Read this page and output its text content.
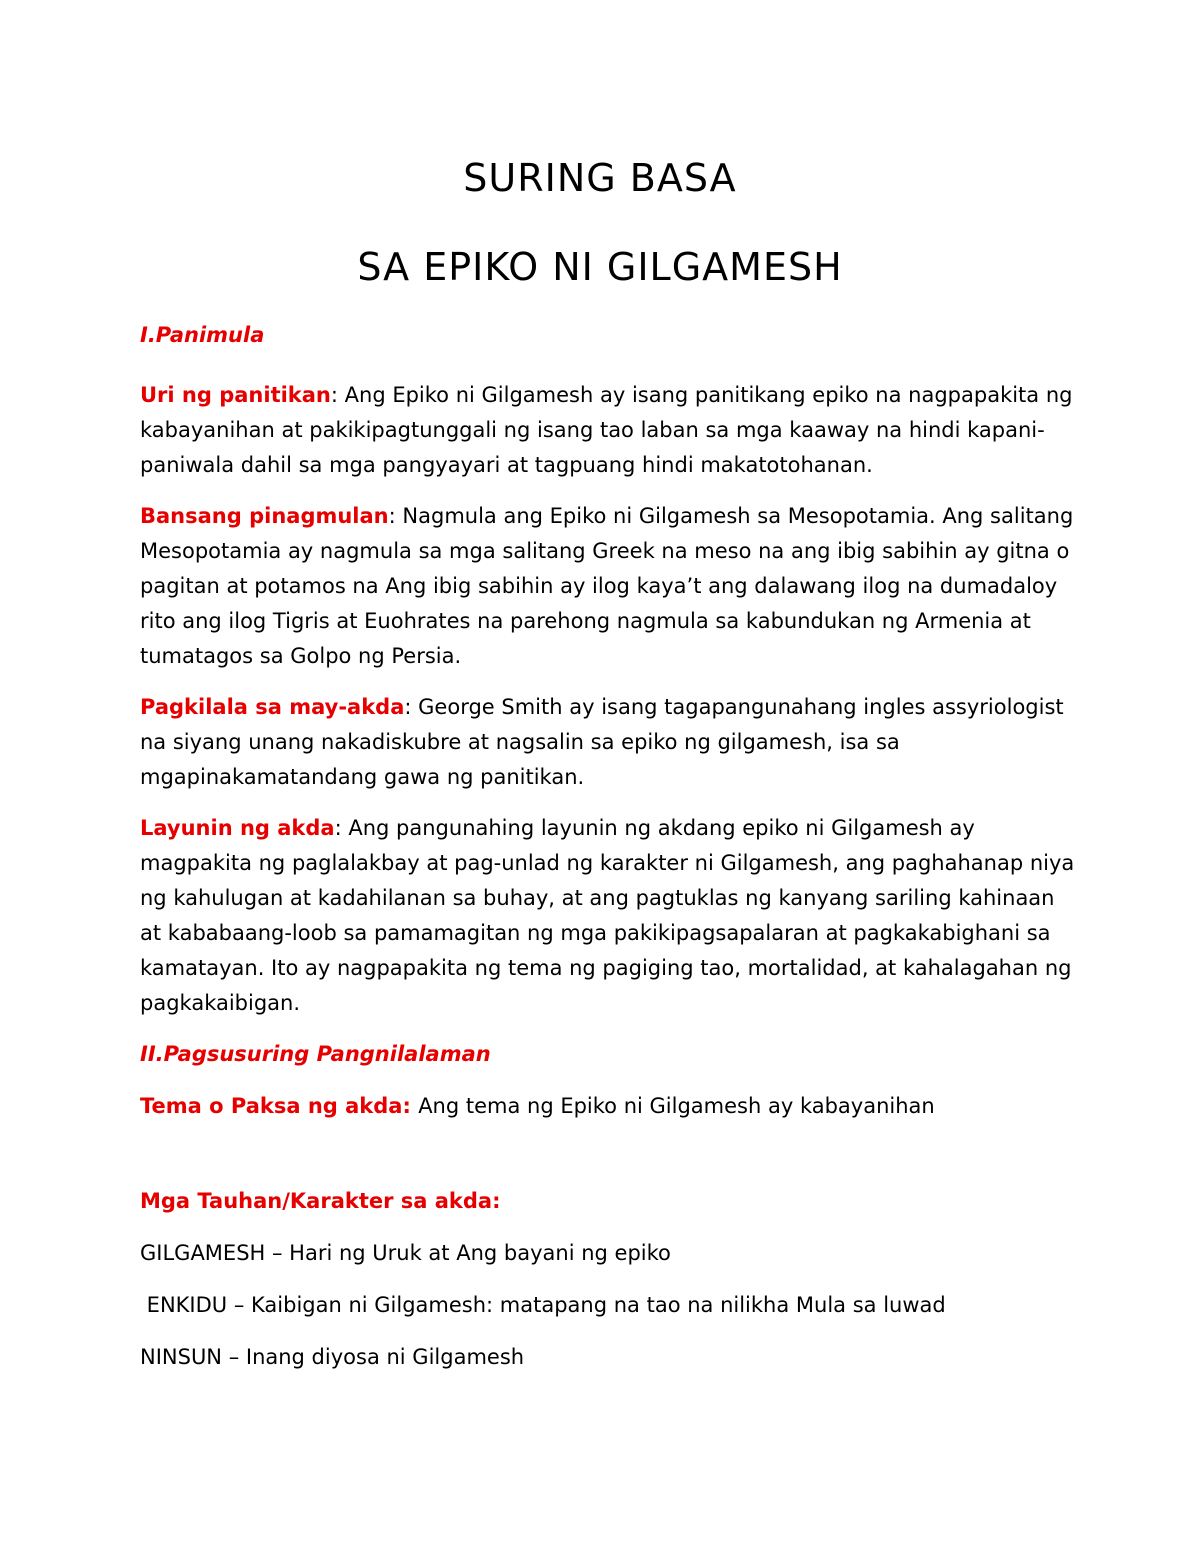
SURING BASA
SA EPIKO NI GILGAMESH

I.Panimula

Uri ng panitikan: Ang Epiko ni Gilgamesh ay isang panitikang epiko na nagpapakita ng kabayanihan at pakikipagtunggali ng isang tao laban sa mga kaaway na hindi kapani-paniwala dahil sa mga pangyayari at tagpuang hindi makatotohanan.

Bansang pinagmulan: Nagmula ang Epiko ni Gilgamesh sa Mesopotamia. Ang salitang Mesopotamia ay nagmula sa mga salitang Greek na meso na ang ibig sabihin ay gitna o pagitan at potamos na Ang ibig sabihin ay ilog kaya’t ang dalawang ilog na dumadaloy rito ang ilog Tigris at Euohrates na parehong nagmula sa kabundukan ng Armenia at tumatagos sa Golpo ng Persia.

Pagkilala sa may-akda: George Smith ay isang tagapangunahang ingles assyriologist na siyang unang nakadiskubre at nagsalin sa epiko ng gilgamesh, isa sa mgapinakamatandang gawa ng panitikan.

Layunin ng akda: Ang pangunahing layunin ng akdang epiko ni Gilgamesh ay magpakita ng paglalakbay at pag-unlad ng karakter ni Gilgamesh, ang paghahanap niya ng kahulugan at kadahilanan sa buhay, at ang pagtuklas ng kanyang sariling kahinaan at kababaang-loob sa pamamagitan ng mga pakikipagsapalaran at pagkakabighani sa kamatayan. Ito ay nagpapakita ng tema ng pagiging tao, mortalidad, at kahalagahan ng pagkakaibigan.

II.Pagsusuring Pangnilalaman

Tema o Paksa ng akda: Ang tema ng Epiko ni Gilgamesh ay kabayanihan

Mga Tauhan/Karakter sa akda:

GILGAMESH – Hari ng Uruk at Ang bayani ng epiko

ENKIDU – Kaibigan ni Gilgamesh: matapang na tao na nilikha Mula sa luwad

NINSUN – Inang diyosa ni Gilgamesh
